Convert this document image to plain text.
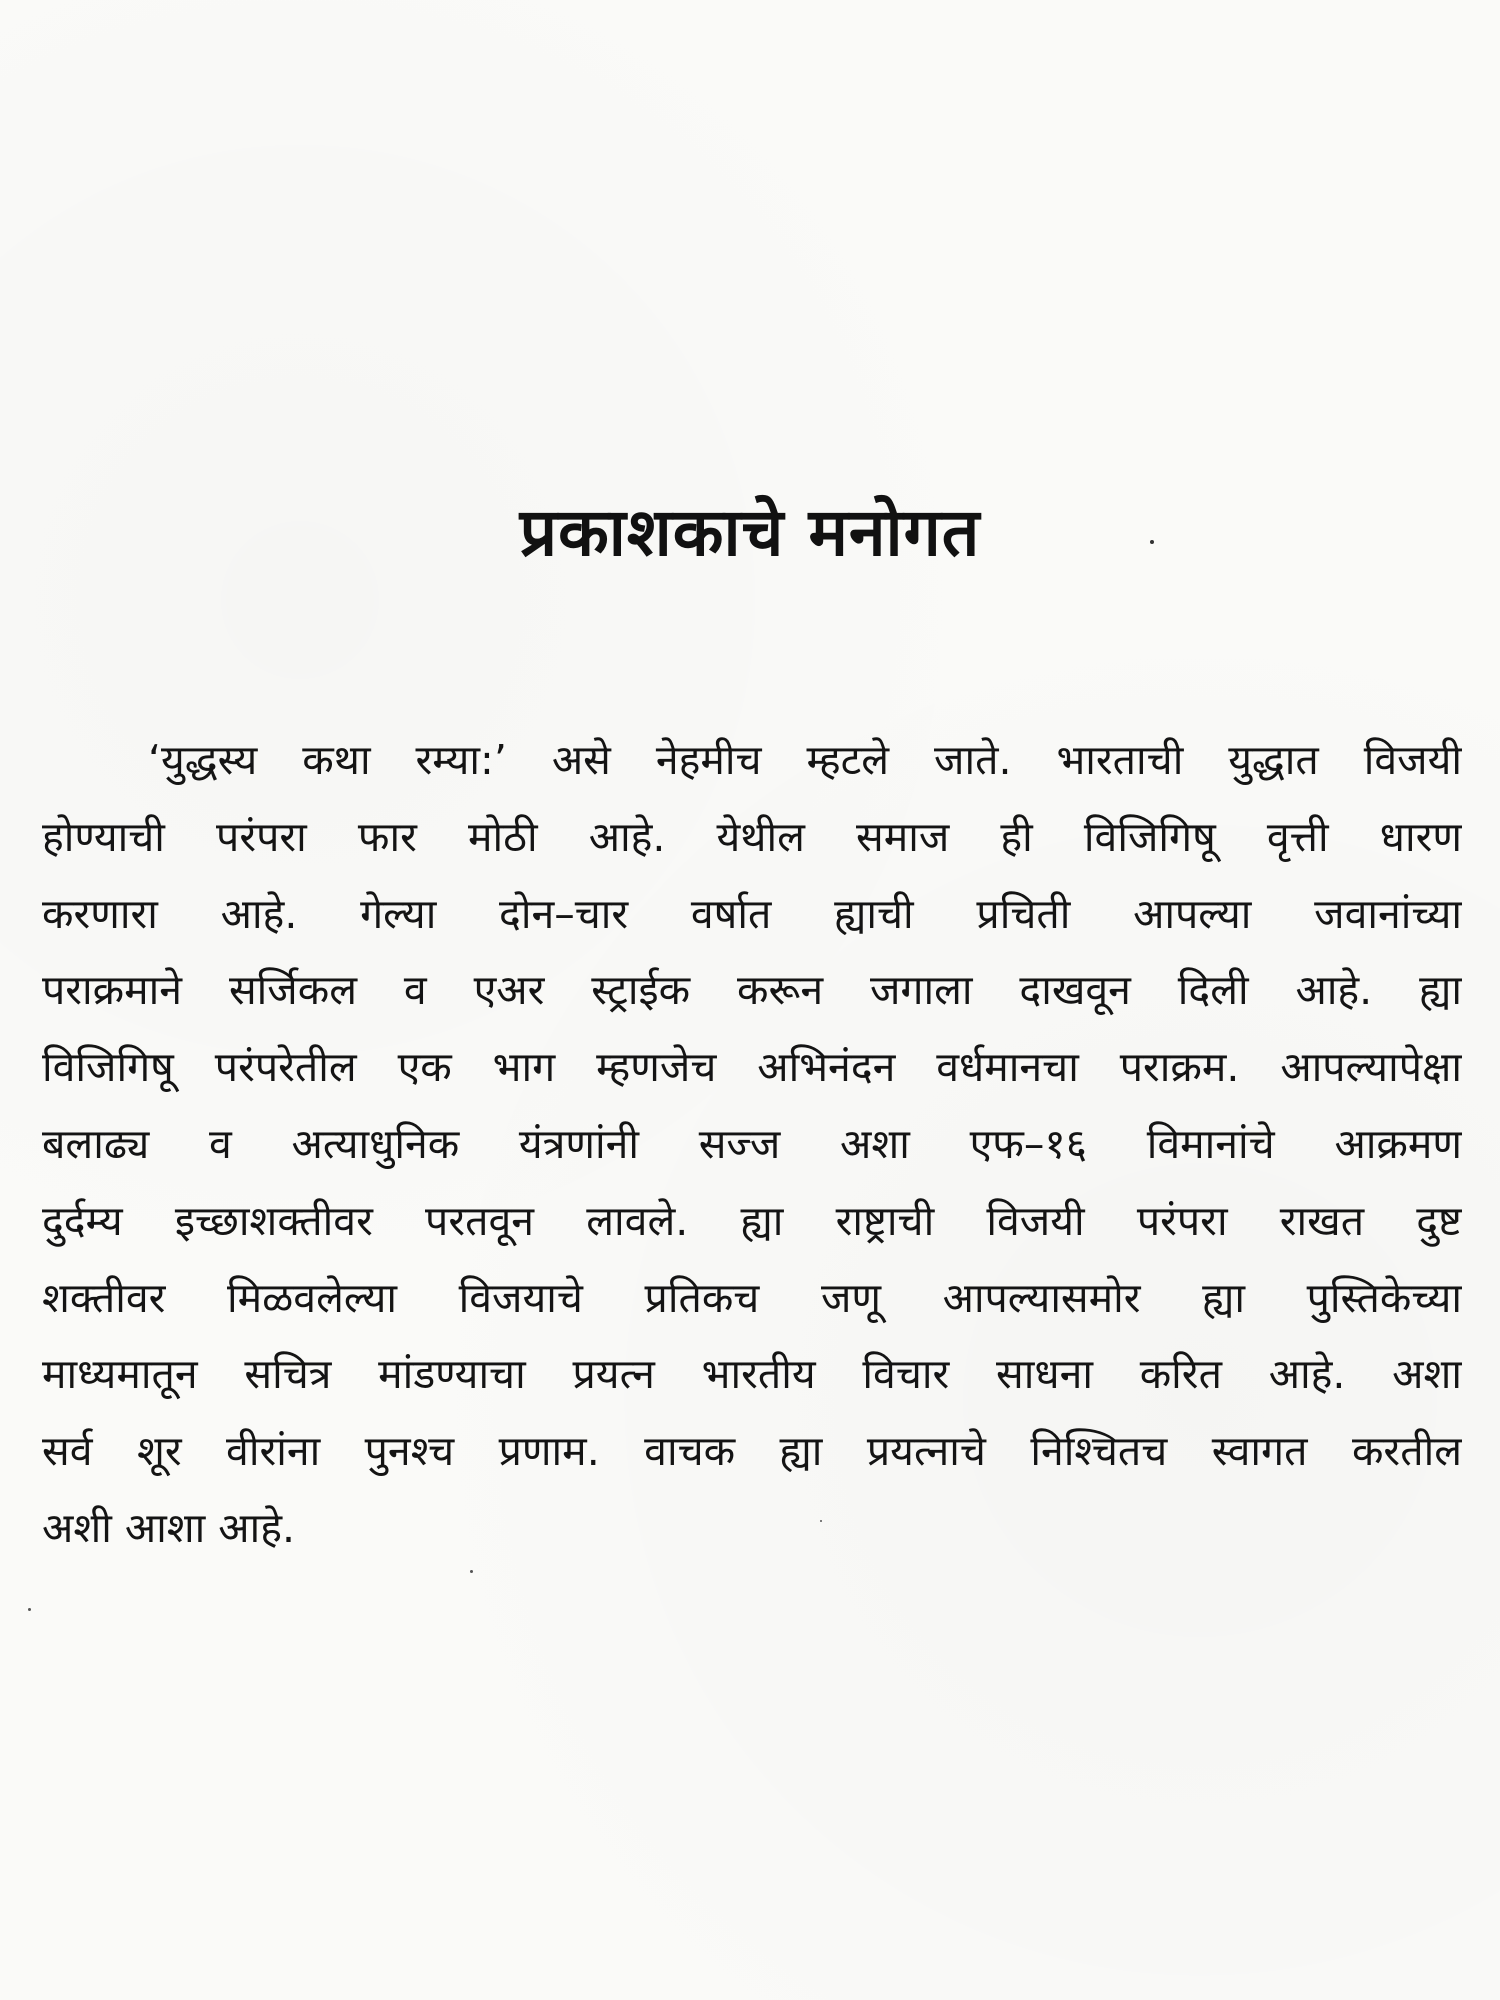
प्रकाशकाचे मनोगत
‘युद्धस्य कथा रम्या:’ असे नेहमीच म्हटले जाते. भारताची युद्धात विजयी
होण्याची परंपरा फार मोठी आहे. येथील समाज ही विजिगिषू वृत्ती धारण
करणारा आहे. गेल्या दोन–चार वर्षात ह्याची प्रचिती आपल्या जवानांच्या
पराक्रमाने सर्जिकल व एअर स्ट्राईक करून जगाला दाखवून दिली आहे. ह्या
विजिगिषू परंपरेतील एक भाग म्हणजेच अभिनंदन वर्धमानचा पराक्रम. आपल्यापेक्षा
बलाढ्य व अत्याधुनिक यंत्रणांनी सज्ज अशा एफ–१६ विमानांचे आक्रमण
दुर्दम्य इच्छाशक्तीवर परतवून लावले. ह्या राष्ट्राची विजयी परंपरा राखत दुष्ट
शक्तीवर मिळवलेल्या विजयाचे प्रतिकच जणू आपल्यासमोर ह्या पुस्तिकेच्या
माध्यमातून सचित्र मांडण्याचा प्रयत्न भारतीय विचार साधना करित आहे. अशा
सर्व शूर वीरांना पुनश्च प्रणाम. वाचक ह्या प्रयत्नाचे निश्चितच स्वागत करतील
अशी आशा आहे.
